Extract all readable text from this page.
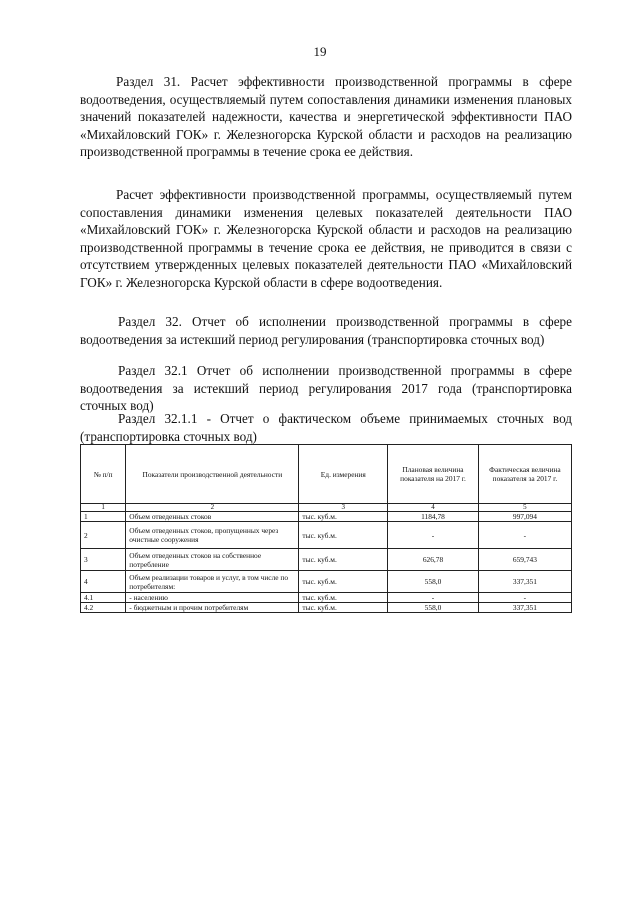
19

Раздел 31. Расчет эффективности производственной программы в сфере водоотведения, осуществляемый путем сопоставления динамики изменения плановых значений показателей надежности, качества и энергетической эффективности ПАО «Михайловский ГОК» г. Железногорска Курской области и расходов на реализацию производственной программы в течение срока ее действия.

Расчет эффективности производственной программы, осуществляемый путем сопоставления динамики изменения целевых показателей деятельности ПАО «Михайловский ГОК» г. Железногорска Курской области и расходов на реализацию производственной программы в течение срока ее действия, не приводится в связи с отсутствием утвержденных целевых показателей деятельности ПАО «Михайловский ГОК» г. Железногорска Курской области в сфере водоотведения.

Раздел 32. Отчет об исполнении производственной программы в сфере водоотведения за истекший период регулирования (транспортировка сточных вод)

Раздел 32.1 Отчет об исполнении производственной программы в сфере водоотведения за истекший период регулирования 2017 года (транспортировка сточных вод)

Раздел 32.1.1 - Отчет о фактическом объеме принимаемых сточных вод (транспортировка сточных вод)

№ п/п	Показатели производственной деятельности	Ед. измерения	Плановая величина показателя на 2017 г.	Фактическая величина показателя за 2017 г.
1	2	3	4	5
1	Объем отведенных стоков	тыс. куб.м.	1184,78	997,094
2	Объем отведенных стоков, пропущенных через очистные сооружения	тыс. куб.м.	-	-
3	Объем отведенных стоков на собственное потребление	тыс. куб.м.	626,78	659,743
4	Объем реализации товаров и услуг, в том числе по потребителям:	тыс. куб.м.	558,0	337,351
4.1	- населению	тыс. куб.м.	-	-
4.2	- бюджетным и прочим потребителям	тыс. куб.м.	558,0	337,351
